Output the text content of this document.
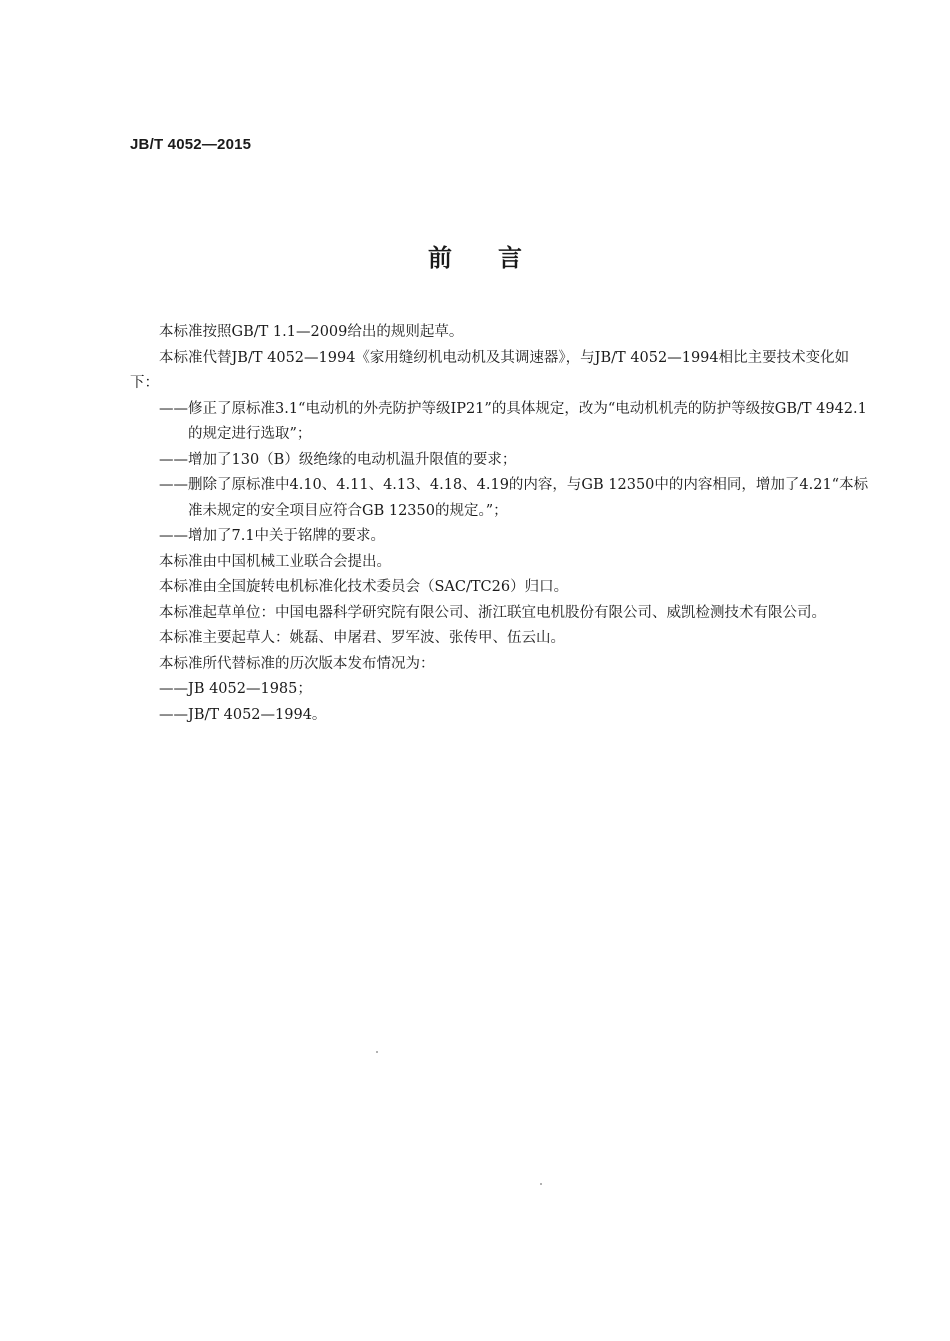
JB/T 4052—2015
前言

本标准按照GB/T 1.1—2009给出的规则起草。

本标准代替JB/T 4052—1994《家用缝纫机电动机及其调速器》，与JB/T 4052—1994相比主要技术变化如下：

——修正了原标准3.1“电动机的外壳防护等级IP21”的具体规定，改为“电动机机壳的防护等级按GB/T 4942.1的规定进行选取”；

——增加了130（B）级绝缘的电动机温升限值的要求；

——删除了原标准中4.10、4.11、4.13、4.18、4.19的内容，与GB 12350中的内容相同，增加了4.21“本标准未规定的安全项目应符合GB 12350的规定。”；

——增加了7.1中关于铭牌的要求。

本标准由中国机械工业联合会提出。

本标准由全国旋转电机标准化技术委员会（SAC/TC26）归口。

本标准起草单位：中国电器科学研究院有限公司、浙江联宜电机股份有限公司、威凯检测技术有限公司。

本标准主要起草人：姚磊、申屠君、罗军波、张传甲、伍云山。

本标准所代替标准的历次版本发布情况为：

——JB 4052—1985；

——JB/T 4052—1994。
